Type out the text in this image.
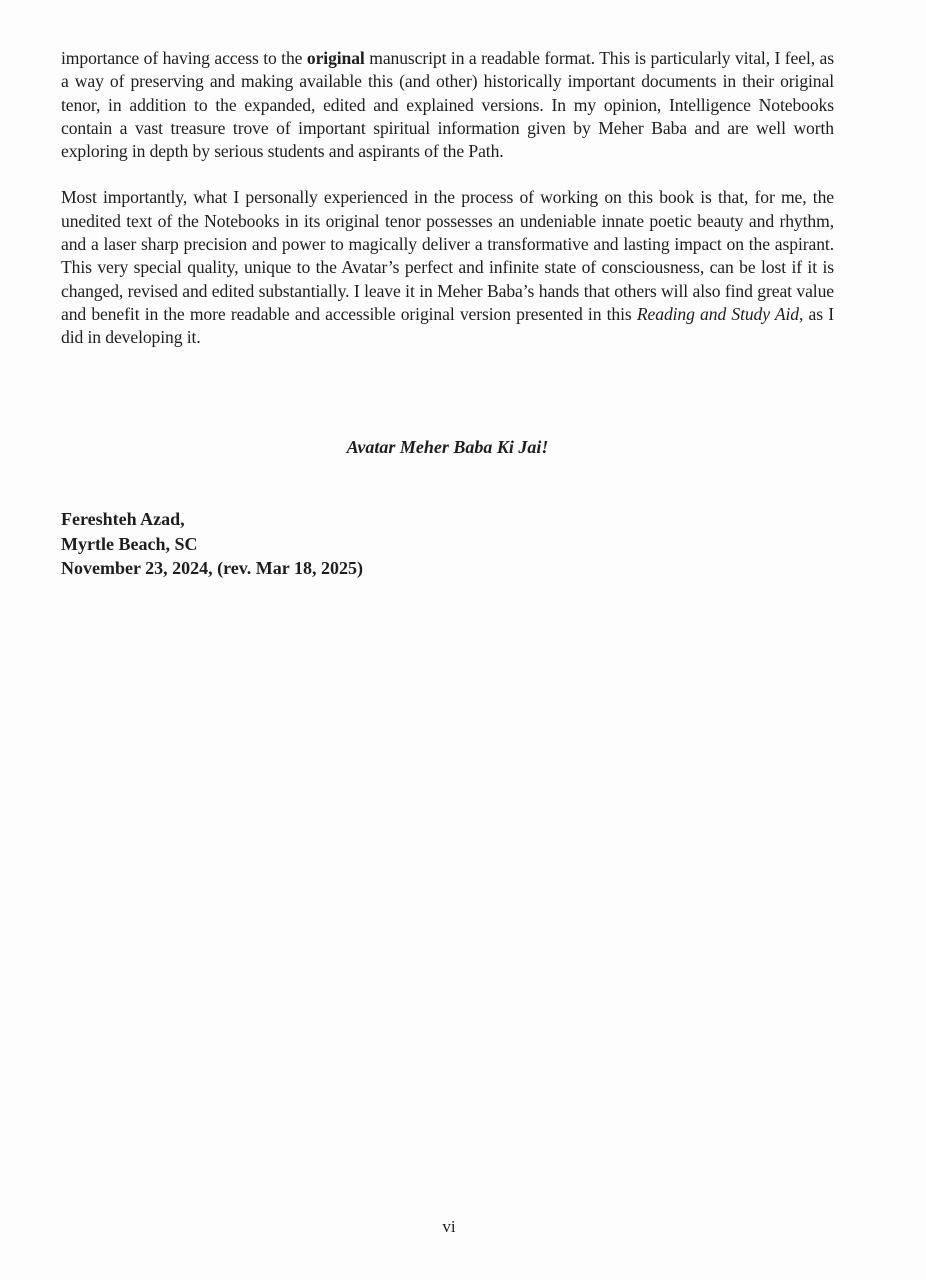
importance of having access to the original manuscript in a readable format. This is particularly vital, I feel, as a way of preserving and making available this (and other) historically important documents in their original tenor, in addition to the expanded, edited and explained versions. In my opinion, Intelligence Notebooks contain a vast treasure trove of important spiritual information given by Meher Baba and are well worth exploring in depth by serious students and aspirants of the Path.

Most importantly, what I personally experienced in the process of working on this book is that, for me, the unedited text of the Notebooks in its original tenor possesses an undeniable innate poetic beauty and rhythm, and a laser sharp precision and power to magically deliver a transformative and lasting impact on the aspirant. This very special quality, unique to the Avatar’s perfect and infinite state of consciousness, can be lost if it is changed, revised and edited substantially. I leave it in Meher Baba’s hands that others will also find great value and benefit in the more readable and accessible original version presented in this Reading and Study Aid, as I did in developing it.

Avatar Meher Baba Ki Jai!
Fereshteh Azad,
Myrtle Beach, SC
November 23, 2024, (rev. Mar 18, 2025)
vi
